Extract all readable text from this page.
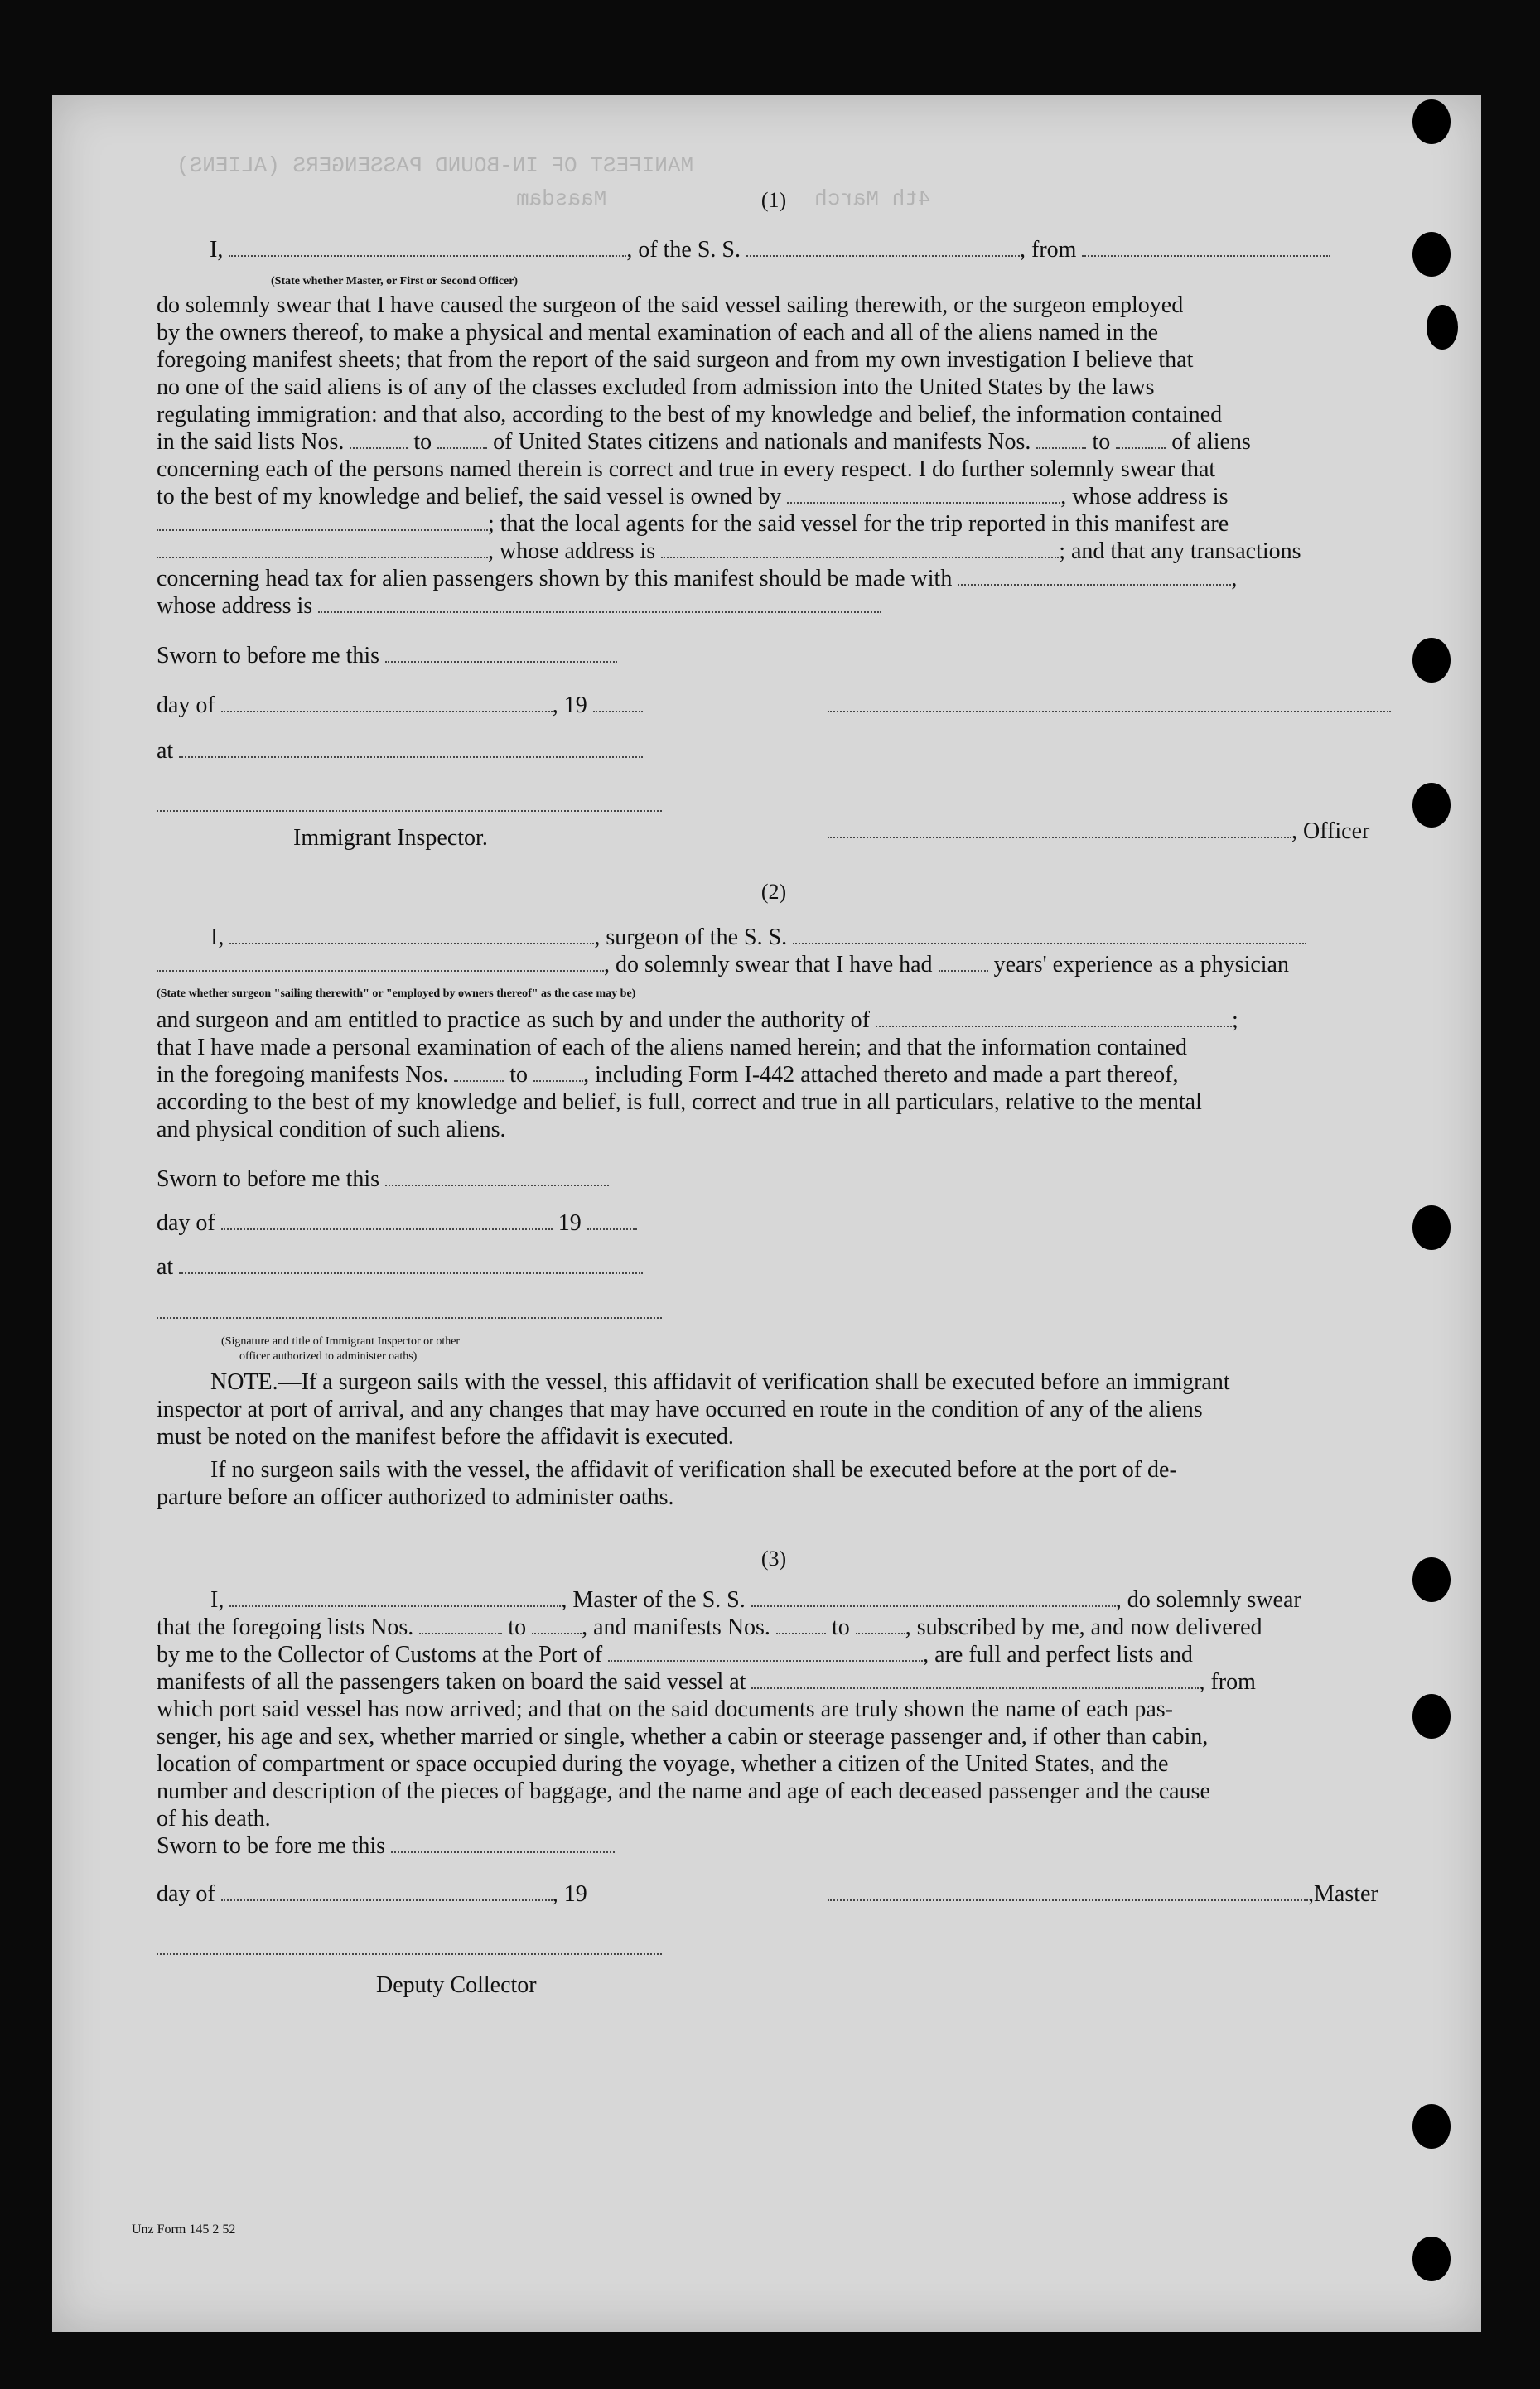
MANIFEST OF IN-BOUND PASSENGERS (ALIENS)
4th March
Maasdam	(1)
I,	, of the S. S.	, from
(State whether Master, or First or Second Officer)
do solemnly swear that I have caused the surgeon of the said vessel sailing therewith, or the surgeon employed
by the owners thereof, to make a physical and mental examination of each and all of the aliens named in the
foregoing manifest sheets; that from the report of the said surgeon and from my own investigation I believe that
no one of the said aliens is of any of the classes excluded from admission into the United States by the laws
regulating immigration: and that also, according to the best of my knowledge and belief, the information contained
in the said lists Nos.	to	of United States citizens and nationals and manifests Nos.	to	of aliens
concerning each of the persons named therein is correct and true in every respect. I do further solemnly swear that
to the best of my knowledge and belief, the said vessel is owned by	, whose address is
; that the local agents for the said vessel for the trip reported in this manifest are
, whose address is	; and that any transactions
concerning head tax for alien passengers shown by this manifest should be made with	,
whose address is
Sworn to before me this
day of	, 19
at
Immigrant Inspector.	, Officer
(2)
I,	, surgeon of the S. S.
, do solemnly swear that I have had	years' experience as a physician
(State whether surgeon "sailing therewith" or "employed by owners thereof" as the case may be)
and surgeon and am entitled to practice as such by and under the authority of	;
that I have made a personal examination of each of the aliens named herein; and that the information contained
in the foregoing manifests Nos.	to , including Form I-442 attached thereto and made a part thereof,
according to the best of my knowledge and belief, is full, correct and true in all particulars, relative to the mental
and physical condition of such aliens.
Sworn to before me this
day of	19
at
(Signature and title of Immigrant Inspector or other
officer authorized to administer oaths)
NOTE.—If a surgeon sails with the vessel, this affidavit of verification shall be executed before an immigrant
inspector at port of arrival, and any changes that may have occurred en route in the condition of any of the aliens
must be noted on the manifest before the affidavit is executed.
If no surgeon sails with the vessel, the affidavit of verification shall be executed before at the port of de-
parture before an officer authorized to administer oaths.
(3)
I,	, Master of the S. S.	, do solemnly swear
that the foregoing lists Nos.	to , and manifests Nos.	to , subscribed by me, and now delivered
by me to the Collector of Customs at the Port of	, are full and perfect lists and
manifests of all the passengers taken on board the said vessel at	, from
which port said vessel has now arrived; and that on the said documents are truly shown the name of each pas-
senger, his age and sex, whether married or single, whether a cabin or steerage passenger and, if other than cabin,
location of compartment or space occupied during the voyage, whether a citizen of the United States, and the
number and description of the pieces of baggage, and the name and age of each deceased passenger and the cause
of his death.
Sworn to be fore me this
day of	, 19	,Master
Deputy Collector
Unz Form 145 2 52
